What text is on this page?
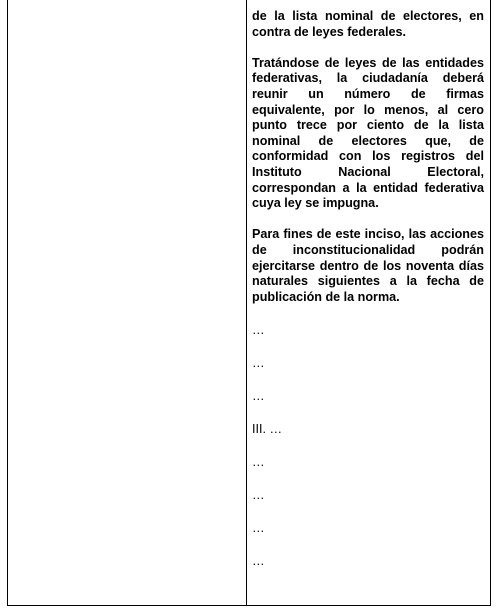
de la lista nominal de electores, en contra de leyes federales.

Tratándose de leyes de las entidades federativas, la ciudadanía deberá reunir un número de firmas equivalente, por lo menos, al cero punto trece por ciento de la lista nominal de electores que, de conformidad con los registros del Instituto Nacional Electoral, correspondan a la entidad federativa cuya ley se impugna.

Para fines de este inciso, las acciones de inconstitucionalidad podrán ejercitarse dentro de los noventa días naturales siguientes a la fecha de publicación de la norma.

…
…
…
III. …
…
…
…
…
